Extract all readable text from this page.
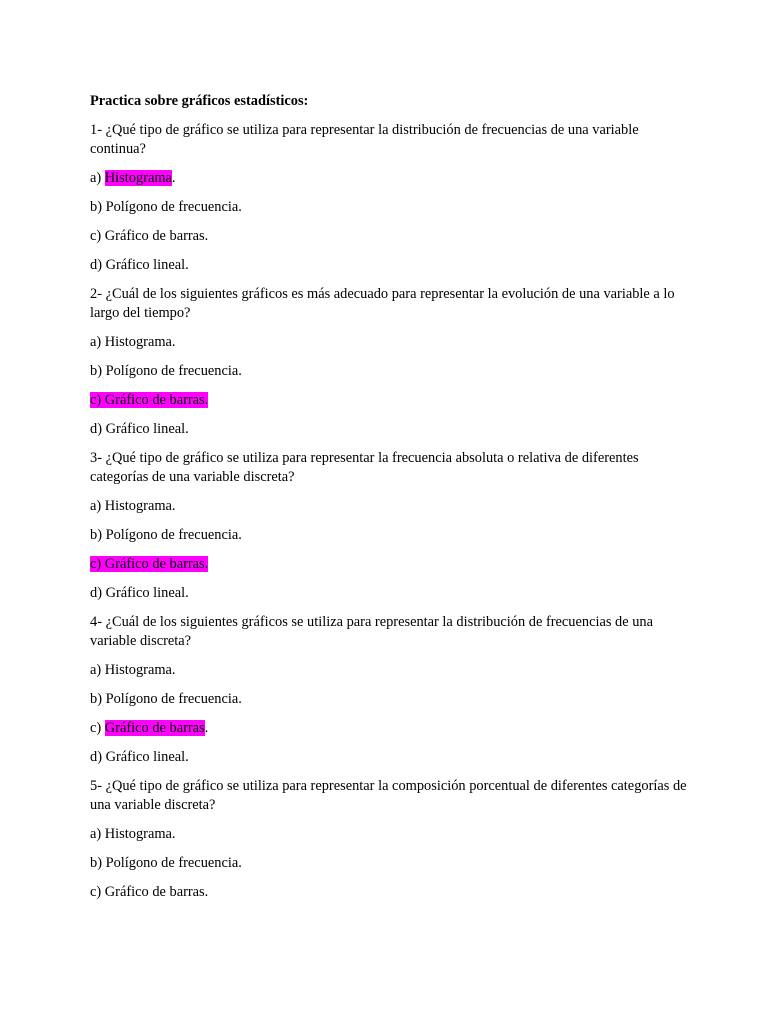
Practica sobre gráficos estadísticos:
1- ¿Qué tipo de gráfico se utiliza para representar la distribución de frecuencias de una variable continua?
a) Histograma.
b) Polígono de frecuencia.
c) Gráfico de barras.
d) Gráfico lineal.
2- ¿Cuál de los siguientes gráficos es más adecuado para representar la evolución de una variable a lo largo del tiempo?
a) Histograma.
b) Polígono de frecuencia.
c) Gráfico de barras.
d) Gráfico lineal.
3- ¿Qué tipo de gráfico se utiliza para representar la frecuencia absoluta o relativa de diferentes categorías de una variable discreta?
a) Histograma.
b) Polígono de frecuencia.
c) Gráfico de barras.
d) Gráfico lineal.
4- ¿Cuál de los siguientes gráficos se utiliza para representar la distribución de frecuencias de una variable discreta?
a) Histograma.
b) Polígono de frecuencia.
c) Gráfico de barras.
d) Gráfico lineal.
5- ¿Qué tipo de gráfico se utiliza para representar la composición porcentual de diferentes categorías de una variable discreta?
a) Histograma.
b) Polígono de frecuencia.
c) Gráfico de barras.
